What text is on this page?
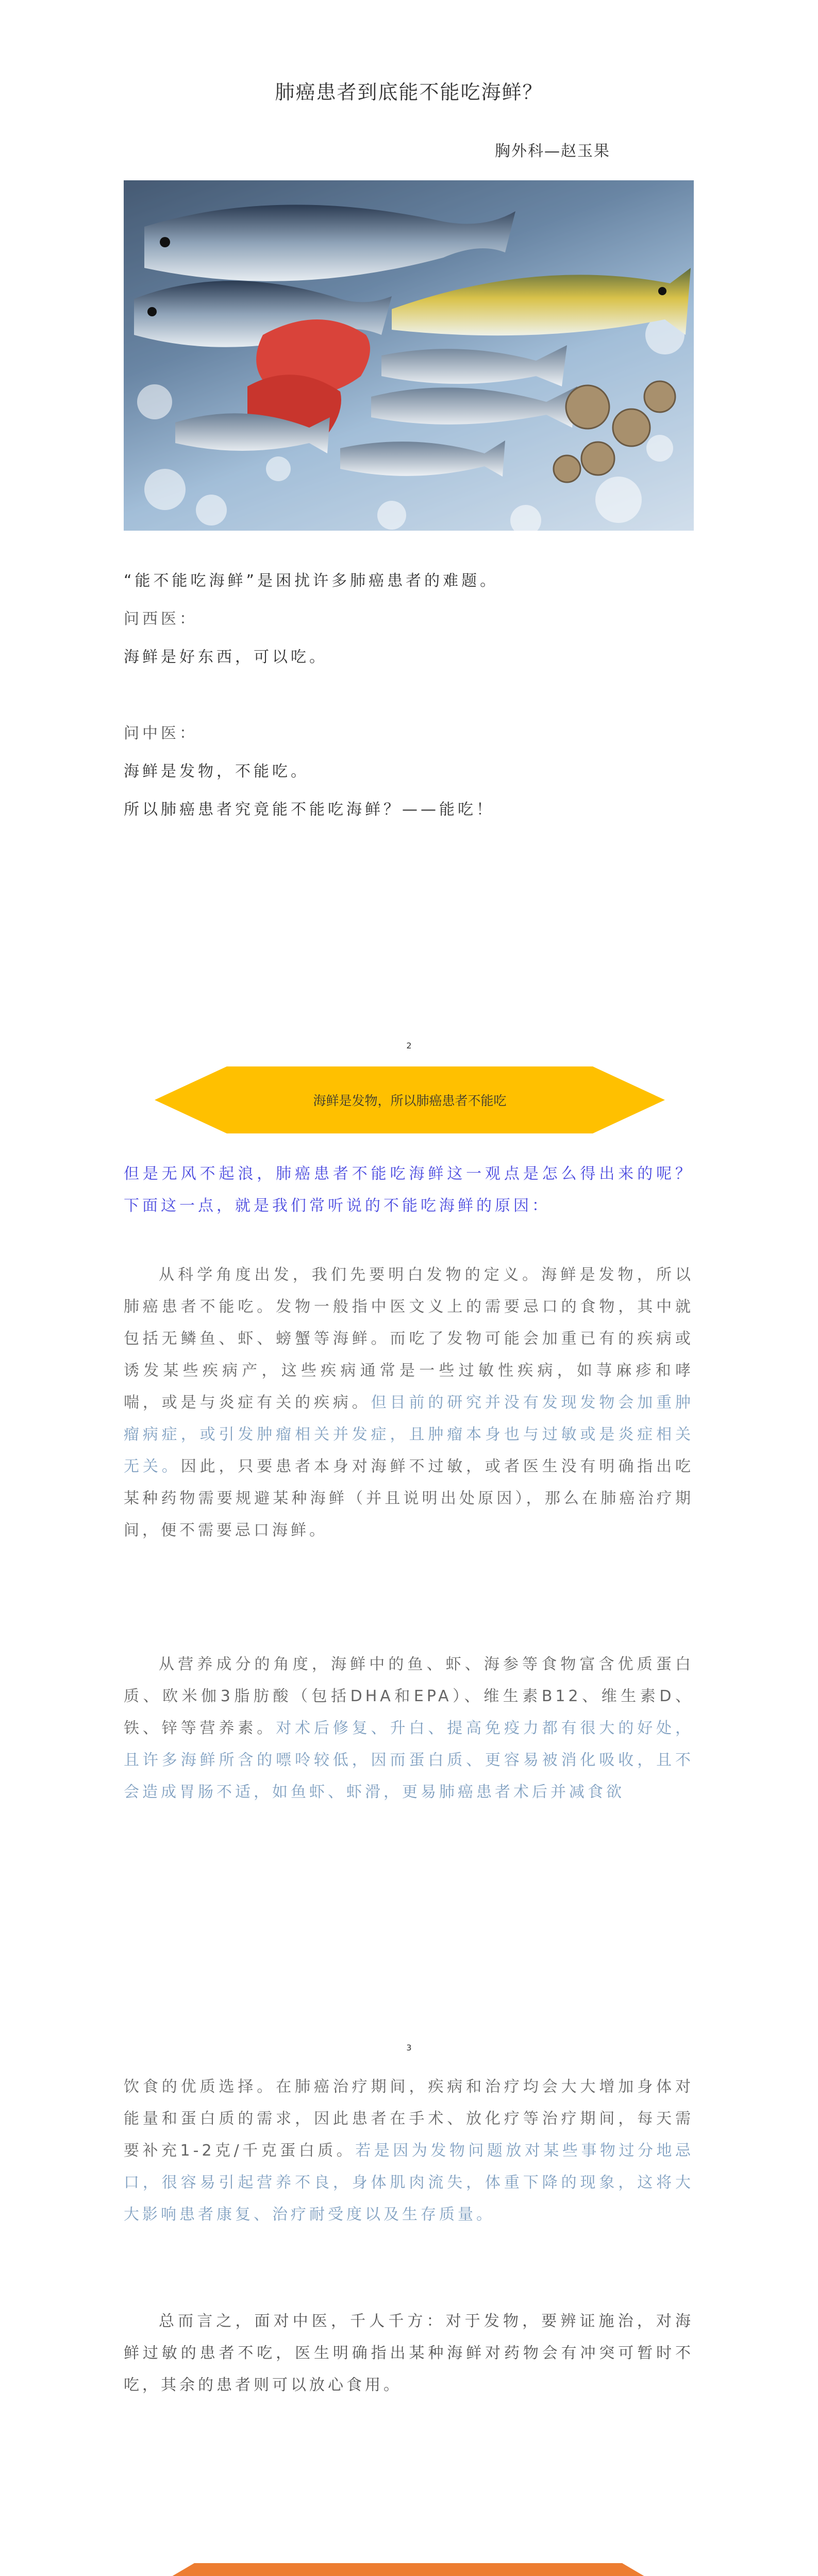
肺癌患者到底能不能吃海鲜？
胸外科—赵玉果
“能不能吃海鲜”是困扰许多肺癌患者的难题。
问西医：
海鲜是好东西，可以吃。
问中医：
海鲜是发物，不能吃。
所以肺癌患者究竟能不能吃海鲜？——能吃！
2
海鲜是发物，所以肺癌患者不能吃
但是无风不起浪，肺癌患者不能吃海鲜这一观点是怎么得出来的呢？下面这一点，就是我们常听说的不能吃海鲜的原因：
从科学角度出发，我们先要明白发物的定义。海鲜是发物，所以肺癌患者不能吃。发物一般指中医文义上的需要忌口的食物，其中就包括无鳞鱼、虾、螃蟹等海鲜。而吃了发物可能会加重已有的疾病或诱发某些疾病产，这些疾病通常是一些过敏性疾病，如荨麻疹和哮喘，或是与炎症有关的疾病。但目前的研究并没有发现发物会加重肿瘤病症，或引发肿瘤相关并发症，且肿瘤本身也与过敏或是炎症相关无关。因此，只要患者本身对海鲜不过敏，或者医生没有明确指出吃某种药物需要规避某种海鲜（并且说明出处原因），那么在肺癌治疗期间，便不需要忌口海鲜。
从营养成分的角度，海鲜中的鱼、虾、海参等食物富含优质蛋白质、欧米伽3脂肪酸（包括DHA和EPA）、维生素B12、维生素D、铁、锌等营养素。对术后修复、升白、提高免疫力都有很大的好处，且许多海鲜所含的嘌呤较低，因而蛋白质、更容易被消化吸收，且不会造成胃肠不适，如鱼虾、虾滑，更易肺癌患者术后并减食欲
3
饮食的优质选择。在肺癌治疗期间，疾病和治疗均会大大增加身体对能量和蛋白质的需求，因此患者在手术、放化疗等治疗期间，每天需要补充1-2克/千克蛋白质。若是因为发物问题放对某些事物过分地忌口，很容易引起营养不良，身体肌肉流失，体重下降的现象，这将大大影响患者康复、治疗耐受度以及生存质量。
总而言之，面对中医，千人千方：对于发物，要辨证施治，对海鲜过敏的患者不吃，医生明确指出某种海鲜对药物会有冲突可暂时不吃，其余的患者则可以放心食用。
